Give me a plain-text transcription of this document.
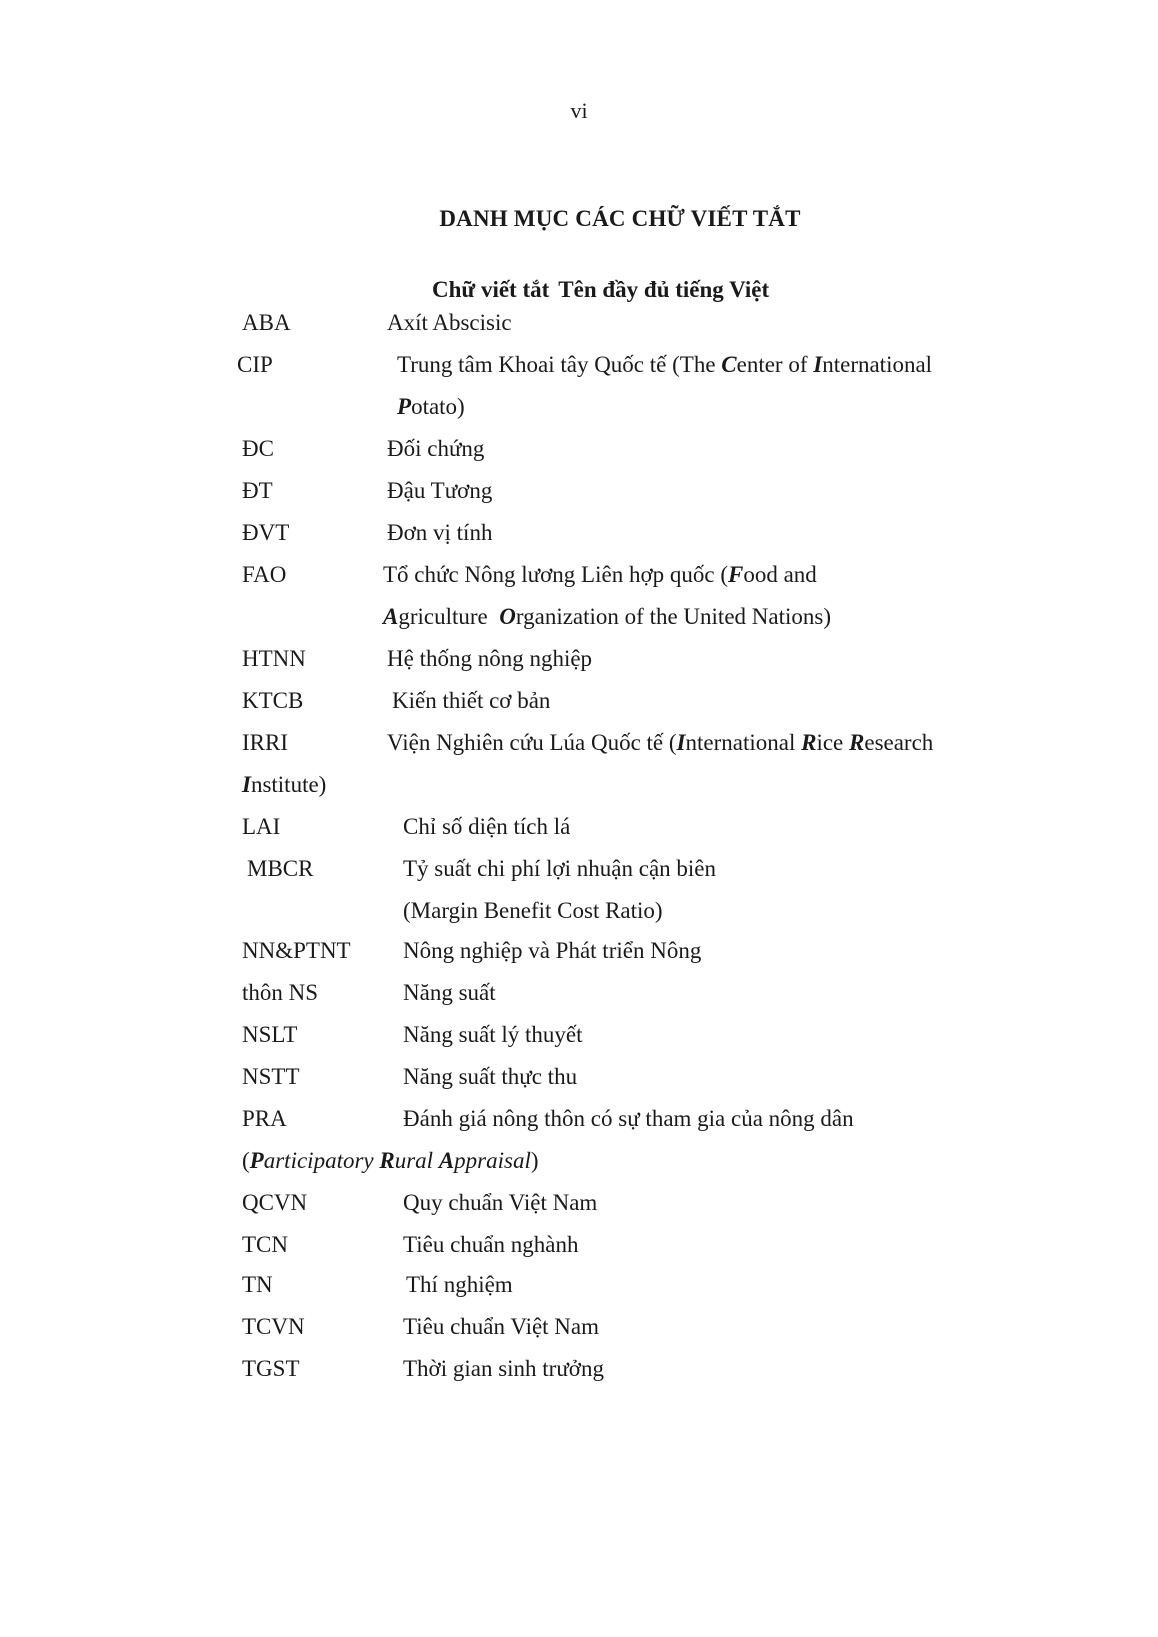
vi
DANH MỤC CÁC CHỮ VIẾT TẮT
Chữ viết tắt Tên đầy đủ tiếng Việt
ABA	Axít Abscisic
CIP	Trung tâm Khoai tây Quốc tế (The Center of International
Potato)
ĐC	Đối chứng
ĐT	Đậu Tương
ĐVT	Đơn vị tính
FAO	Tổ chức Nông lương Liên hợp quốc (Food and
Agriculture  Organization of the United Nations)
HTNN	Hệ thống nông nghiệp
KTCB	Kiến thiết cơ bản
IRRI	Viện Nghiên cứu Lúa Quốc tế (International Rice Research
Institute)
LAI	Chỉ số diện tích lá
MBCR	Tỷ suất chi phí lợi nhuận cận biên
(Margin Benefit Cost Ratio)
NN&PTNT Nông nghiệp và Phát triển Nông
thôn NS	Năng suất
NSLT	Năng suất lý thuyết
NSTT	Năng suất thực thu
PRA	Đánh giá nông thôn có sự tham gia của nông dân
(Participatory Rural Appraisal)
QCVN	Quy chuẩn Việt Nam
TCN	Tiêu chuẩn nghành
TN	Thí nghiệm
TCVN	Tiêu chuẩn Việt Nam
TGST	Thời gian sinh trưởng
